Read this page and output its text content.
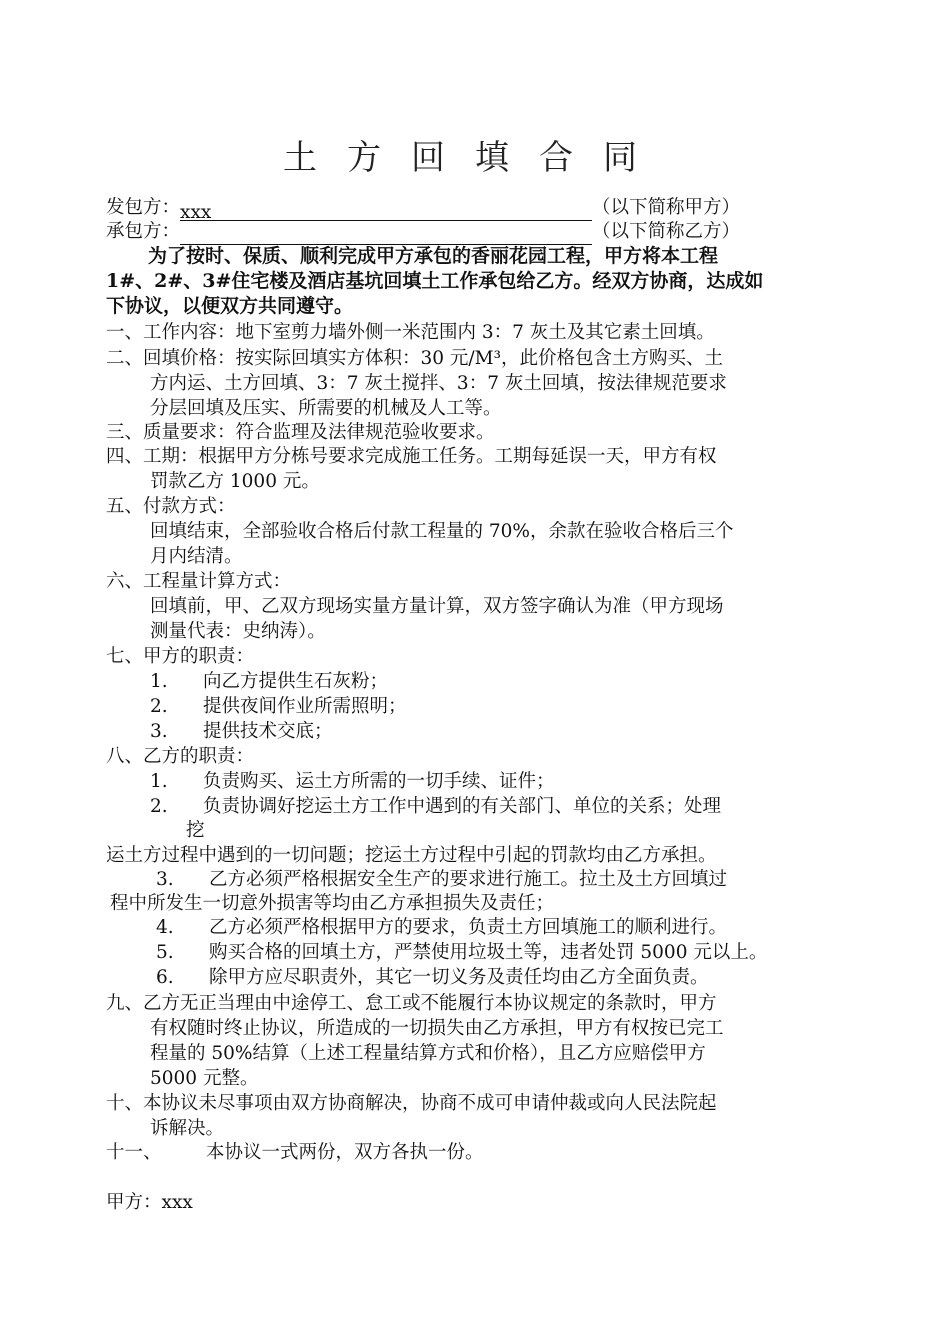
土方回填合同
发包方：xxx	（以下简称甲方）
承包方：	（以下简称乙方）
为了按时、保质、顺利完成甲方承包的香丽花园工程，甲方将本工程
1#、2#、3#住宅楼及酒店基坑回填土工作承包给乙方。经双方协商，达成如
下协议，以便双方共同遵守。
一、工作内容：地下室剪力墙外侧一米范围内 3：7 灰土及其它素土回填。
二、回填价格：按实际回填实方体积：30 元/M³，此价格包含土方购买、土
方内运、土方回填、3：7 灰土搅拌、3：7 灰土回填，按法律规范要求
分层回填及压实、所需要的机械及人工等。
三、质量要求：符合监理及法律规范验收要求。
四、工期：根据甲方分栋号要求完成施工任务。工期每延误一天，甲方有权
罚款乙方 1000 元。
五、付款方式：
回填结束，全部验收合格后付款工程量的 70%，余款在验收合格后三个
月内结清。
六、工程量计算方式：
回填前，甲、乙双方现场实量方量计算，双方签字确认为准（甲方现场
测量代表：史纳涛）。
七、甲方的职责：
1. 向乙方提供生石灰粉；
2. 提供夜间作业所需照明；
3. 提供技术交底；
八、乙方的职责：
1. 负责购买、运土方所需的一切手续、证件；
2. 负责协调好挖运土方工作中遇到的有关部门、单位的关系；处理
挖
运土方过程中遇到的一切问题；挖运土方过程中引起的罚款均由乙方承担。
3. 乙方必须严格根据安全生产的要求进行施工。拉土及土方回填过
程中所发生一切意外损害等均由乙方承担损失及责任；
4. 乙方必须严格根据甲方的要求，负责土方回填施工的顺利进行。
5. 购买合格的回填土方，严禁使用垃圾土等，违者处罚 5000 元以上。
6. 除甲方应尽职责外，其它一切义务及责任均由乙方全面负责。
九、乙方无正当理由中途停工、怠工或不能履行本协议规定的条款时，甲方
有权随时终止协议，所造成的一切损失由乙方承担，甲方有权按已完工
程量的 50%结算（上述工程量结算方式和价格），且乙方应赔偿甲方
5000 元整。
十、本协议未尽事项由双方协商解决，协商不成可申请仲裁或向人民法院起
诉解决。
十一、 本协议一式两份，双方各执一份。
甲方：xxx
